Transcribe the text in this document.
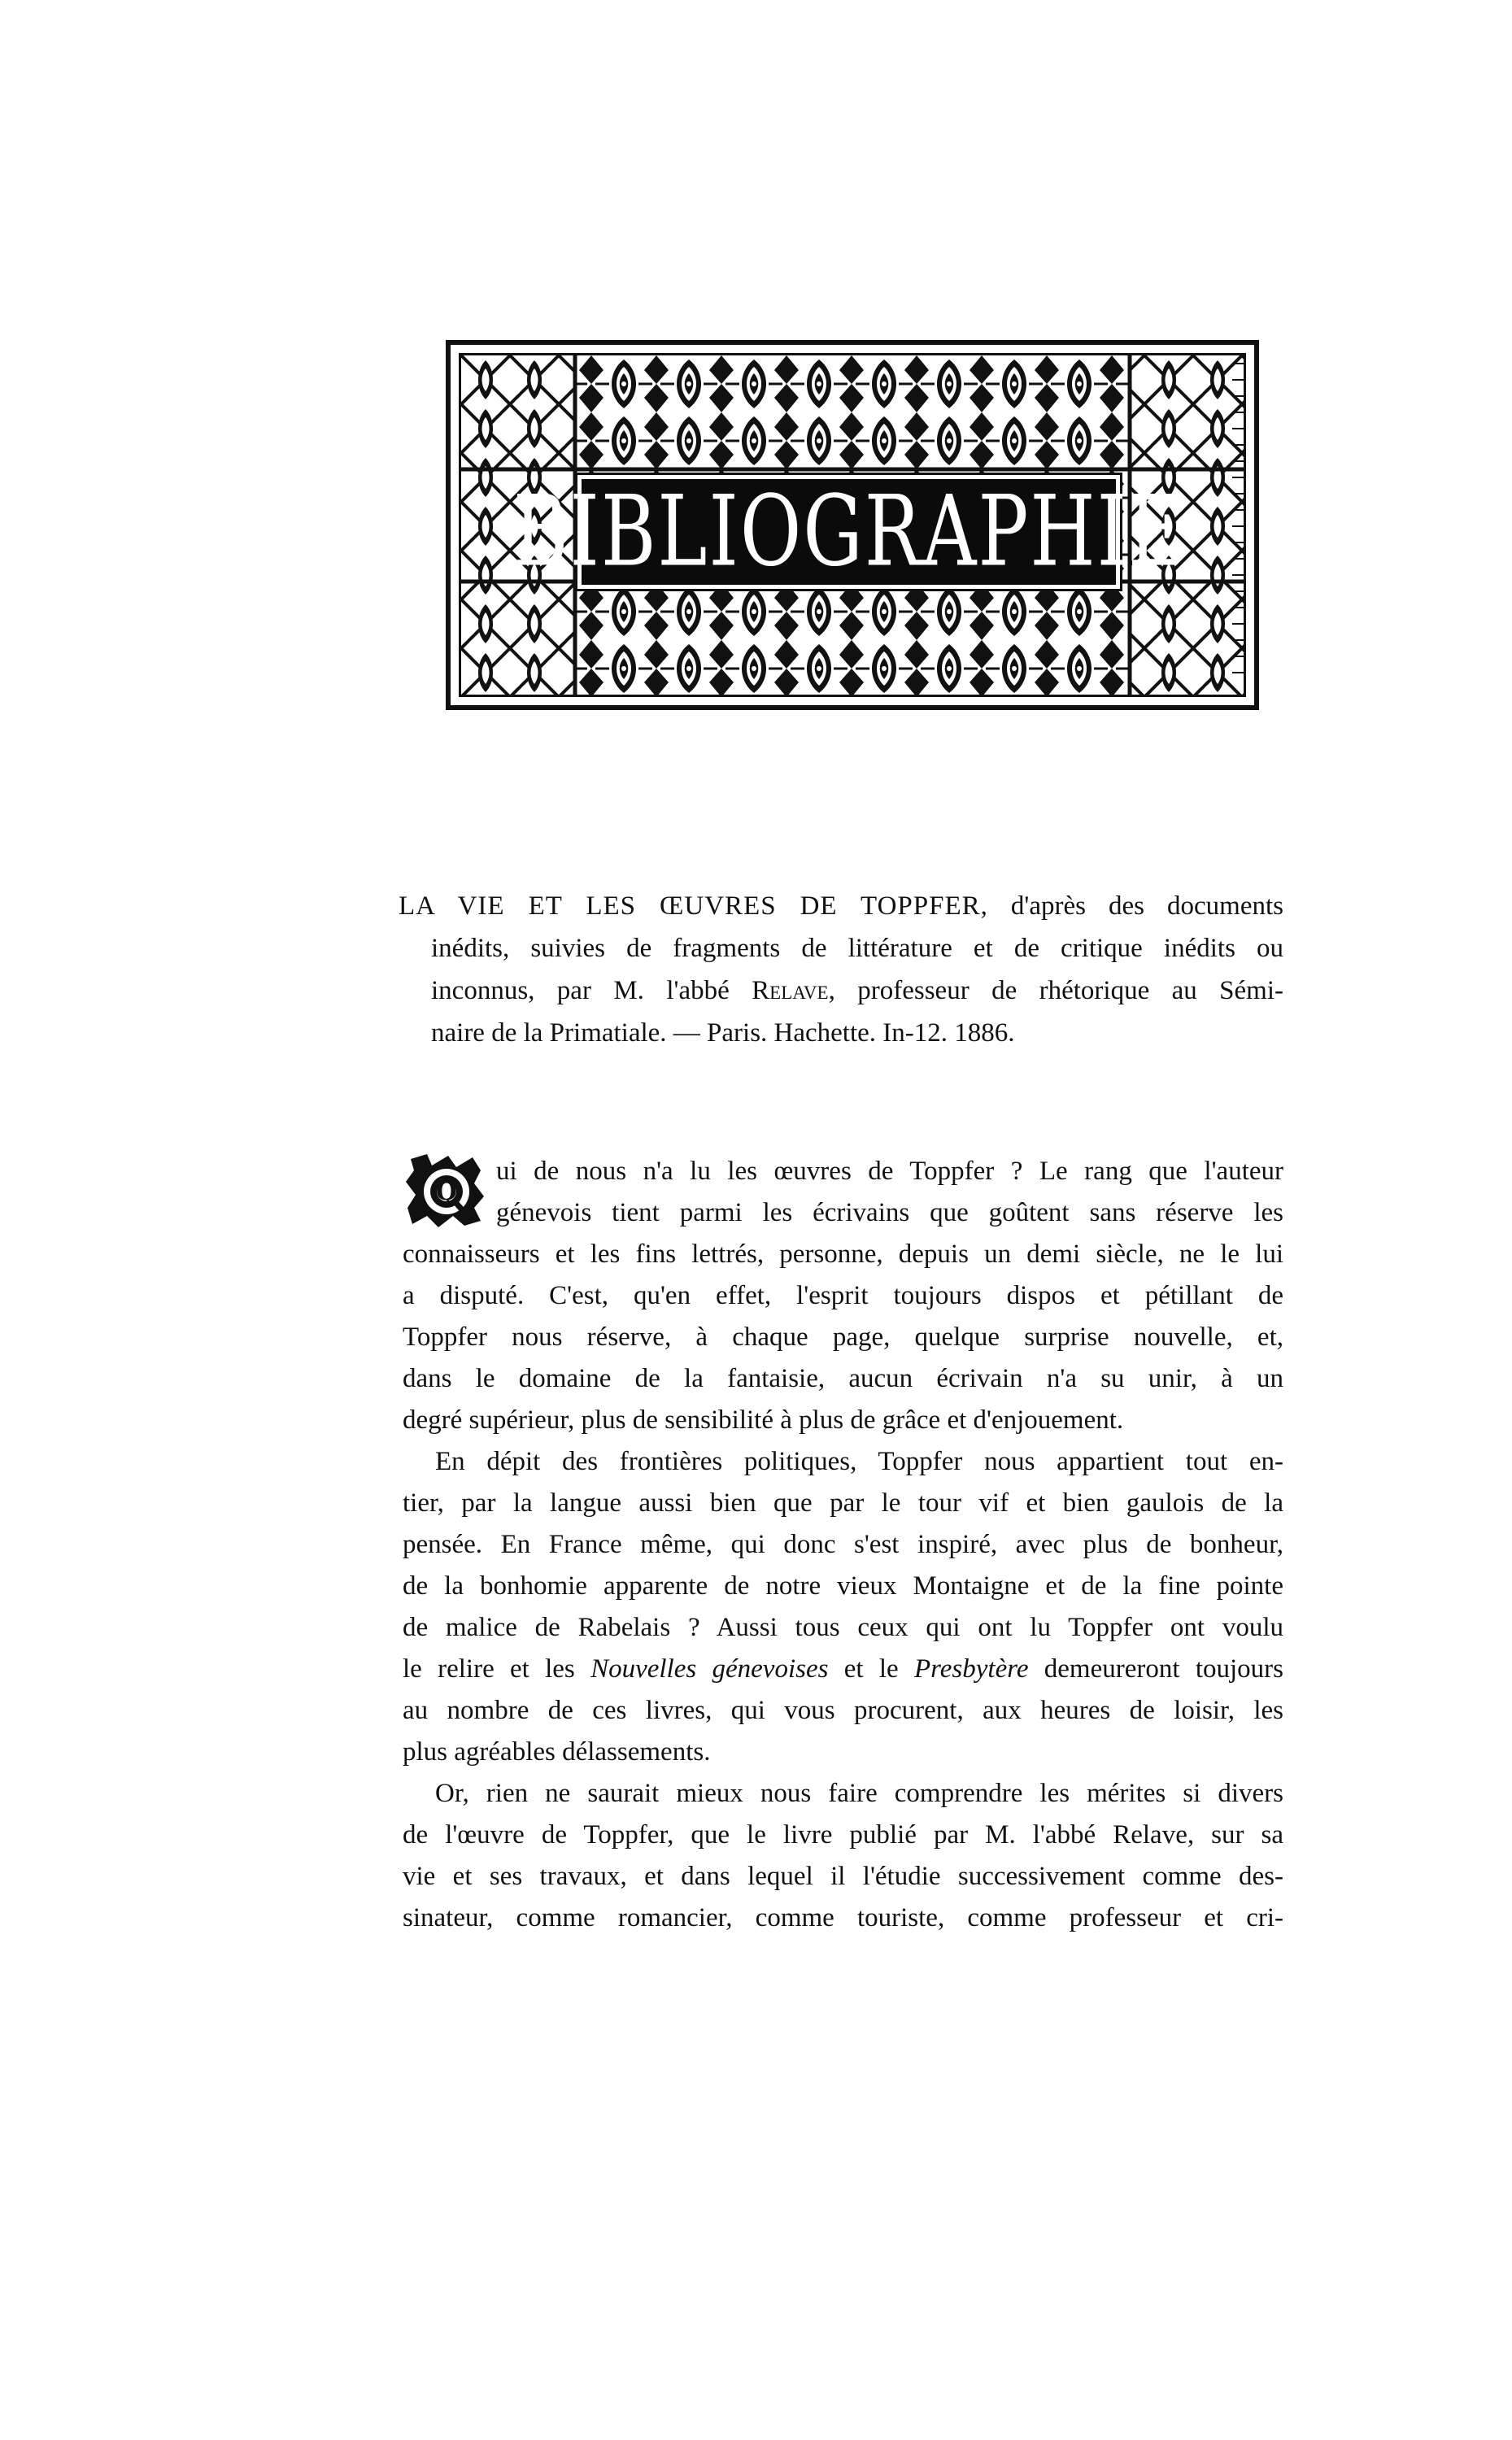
BIBLIOGRAPHIE
LA VIE ET LES ŒUVRES DE TOPPFER, d'après des documents
inédits, suivies de fragments de littérature et de critique inédits ou
inconnus, par M. l'abbé Relave, professeur de rhétorique au Sémi-
naire de la Primatiale. — Paris. Hachette. In-12. 1886.
Q
ui de nous n'a lu les œuvres de Toppfer ? Le rang que l'auteur
génevois tient parmi les écrivains que goûtent sans réserve les
connaisseurs et les fins lettrés, personne, depuis un demi siècle, ne le lui
a disputé. C'est, qu'en effet, l'esprit toujours dispos et pétillant de
Toppfer nous réserve, à chaque page, quelque surprise nouvelle, et,
dans le domaine de la fantaisie, aucun écrivain n'a su unir, à un
degré supérieur, plus de sensibilité à plus de grâce et d'enjouement.
En dépit des frontières politiques, Toppfer nous appartient tout en-
tier, par la langue aussi bien que par le tour vif et bien gaulois de la
pensée. En France même, qui donc s'est inspiré, avec plus de bonheur,
de la bonhomie apparente de notre vieux Montaigne et de la fine pointe
de malice de Rabelais ? Aussi tous ceux qui ont lu Toppfer ont voulu
le relire et les Nouvelles génevoises et le Presbytère demeureront toujours
au nombre de ces livres, qui vous procurent, aux heures de loisir, les
plus agréables délassements.
Or, rien ne saurait mieux nous faire comprendre les mérites si divers
de l'œuvre de Toppfer, que le livre publié par M. l'abbé Relave, sur sa
vie et ses travaux, et dans lequel il l'étudie successivement comme des-
sinateur, comme romancier, comme touriste, comme professeur et cri-
